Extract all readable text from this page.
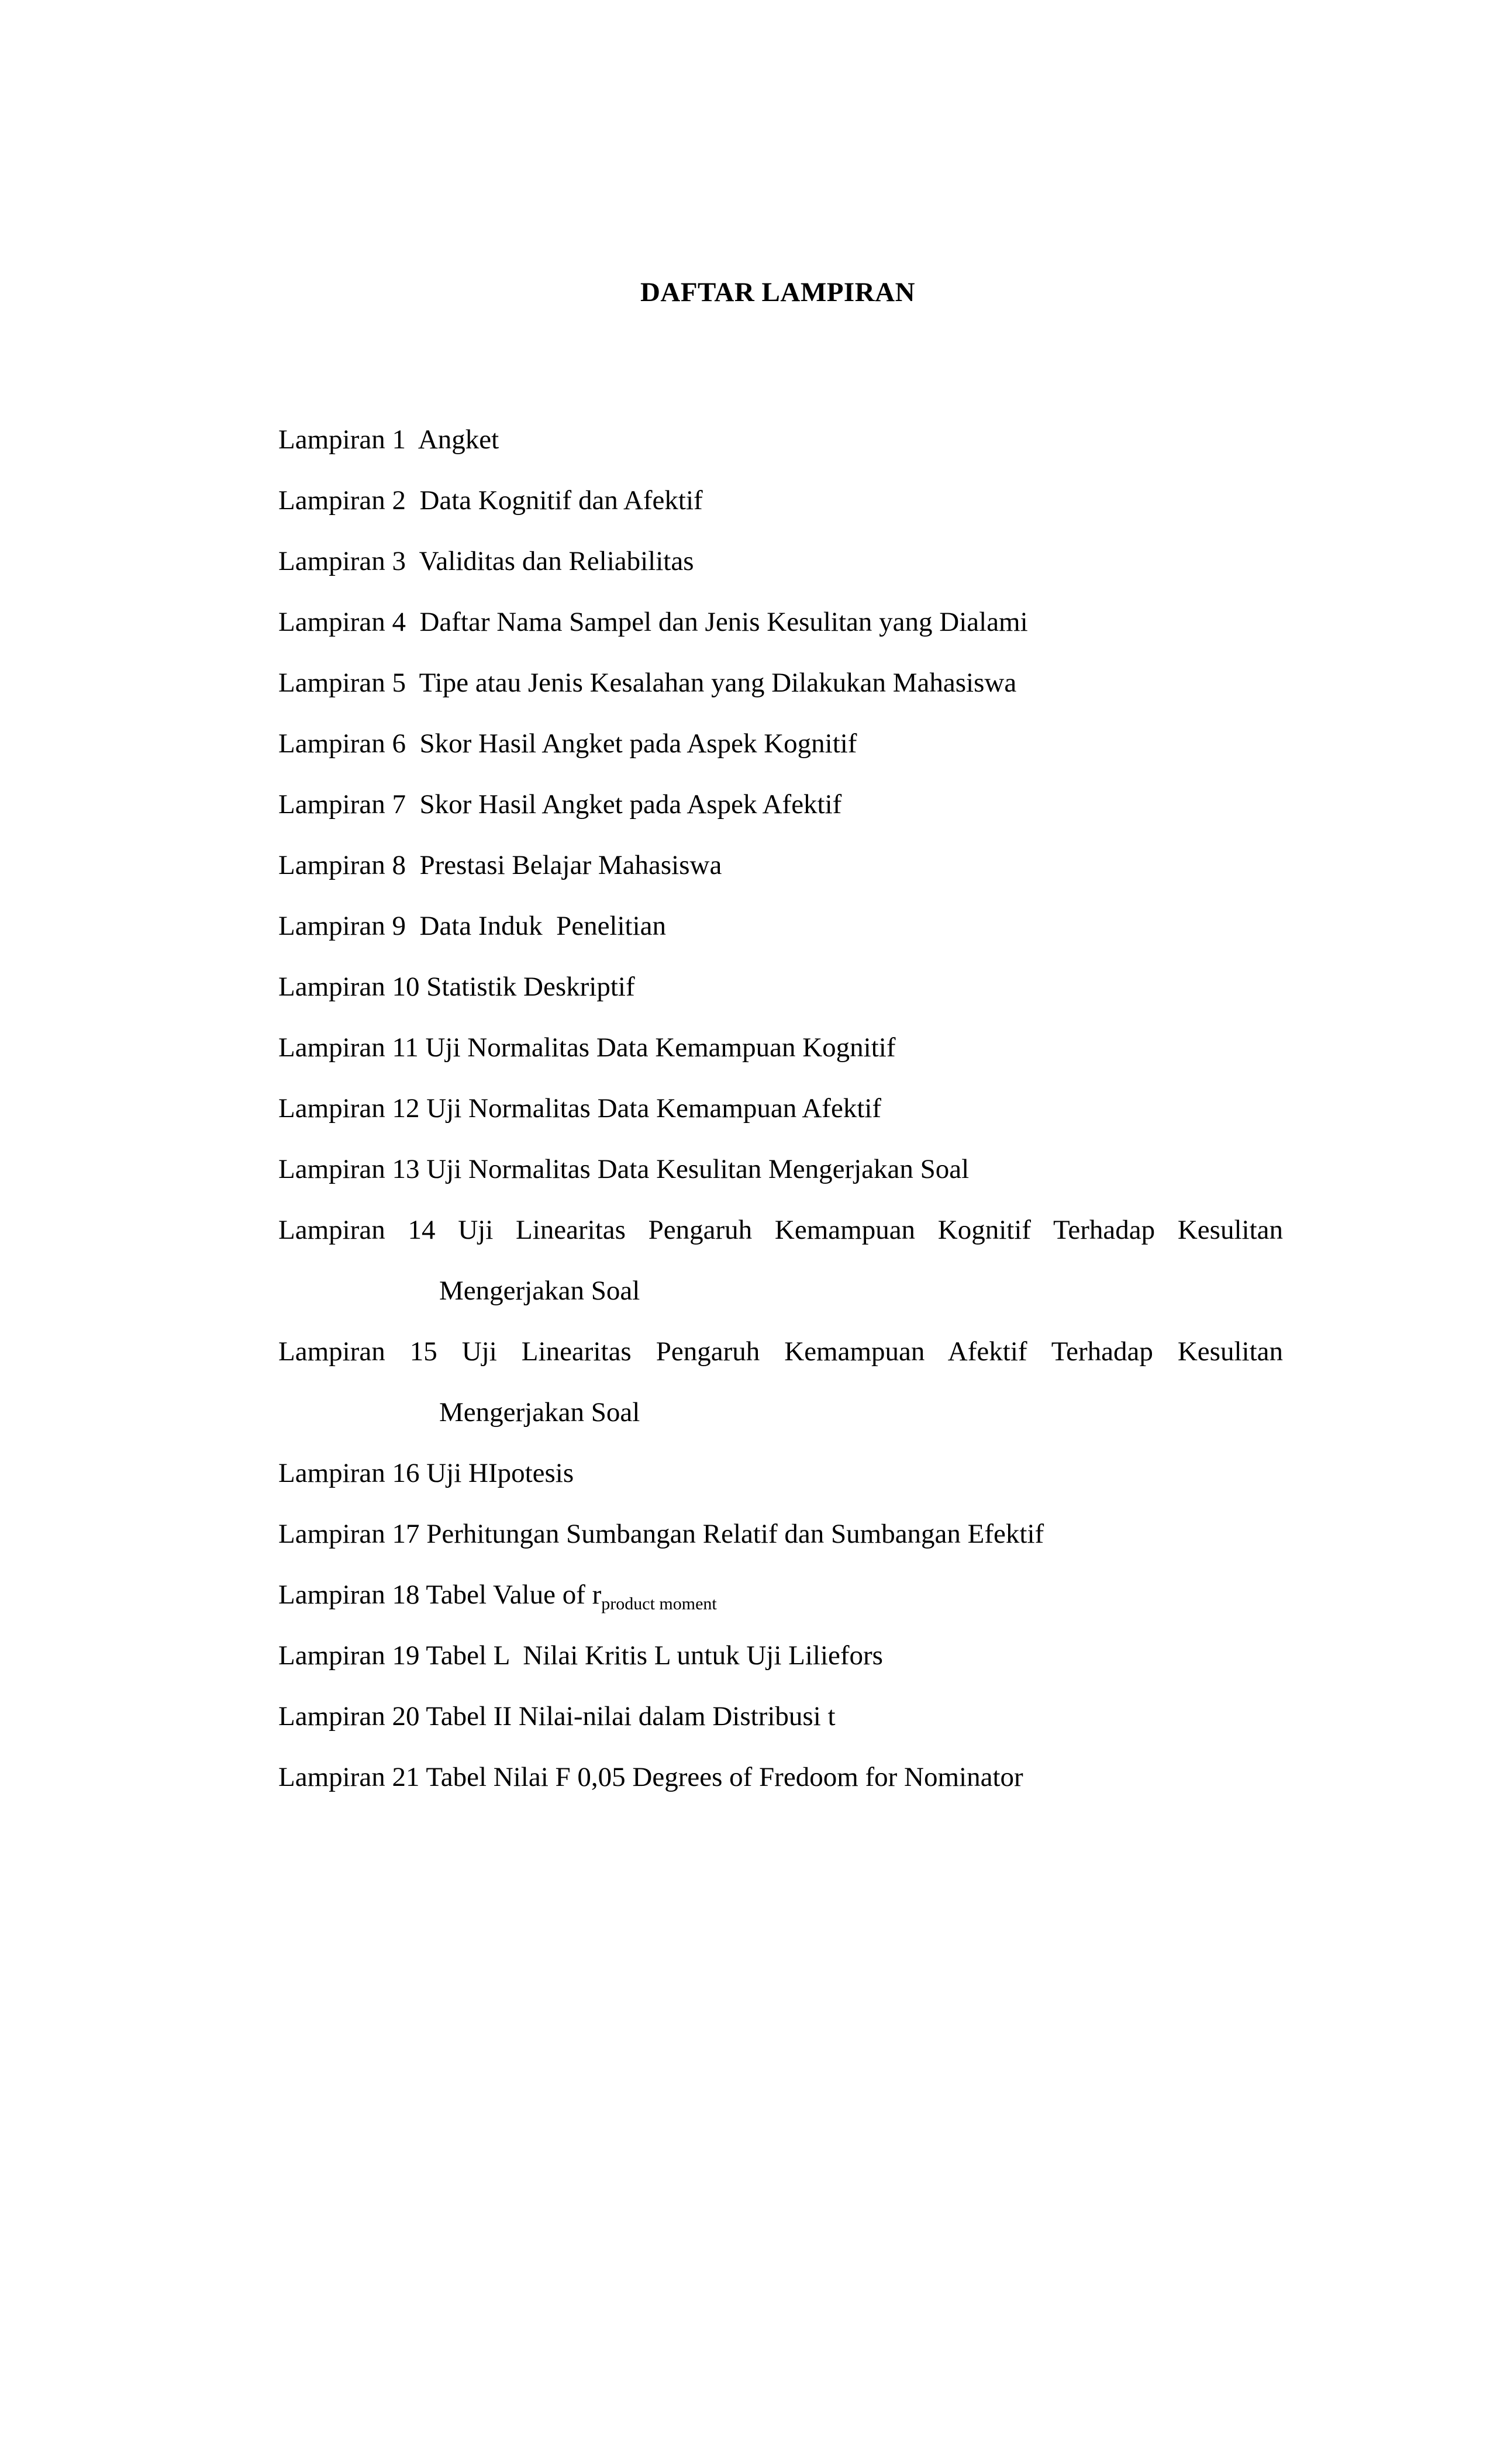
DAFTAR LAMPIRAN
Lampiran 1  Angket
Lampiran 2  Data Kognitif dan Afektif
Lampiran 3  Validitas dan Reliabilitas
Lampiran 4  Daftar Nama Sampel dan Jenis Kesulitan yang Dialami
Lampiran 5  Tipe atau Jenis Kesalahan yang Dilakukan Mahasiswa
Lampiran 6  Skor Hasil Angket pada Aspek Kognitif
Lampiran 7  Skor Hasil Angket pada Aspek Afektif
Lampiran 8  Prestasi Belajar Mahasiswa
Lampiran 9  Data Induk  Penelitian
Lampiran 10 Statistik Deskriptif
Lampiran 11 Uji Normalitas Data Kemampuan Kognitif
Lampiran 12 Uji Normalitas Data Kemampuan Afektif
Lampiran 13 Uji Normalitas Data Kesulitan Mengerjakan Soal
Lampiran 14 Uji Linearitas Pengaruh Kemampuan Kognitif Terhadap Kesulitan
Mengerjakan Soal
Lampiran 15 Uji Linearitas Pengaruh Kemampuan Afektif Terhadap Kesulitan
Mengerjakan Soal
Lampiran 16 Uji HIpotesis
Lampiran 17 Perhitungan Sumbangan Relatif dan Sumbangan Efektif
Lampiran 18 Tabel Value of $r_{product moment}$
Lampiran 19 Tabel L  Nilai Kritis L untuk Uji Liliefors
Lampiran 20 Tabel II Nilai-nilai dalam Distribusi t
Lampiran 21 Tabel Nilai F 0,05 Degrees of Fredoom for Nominator
